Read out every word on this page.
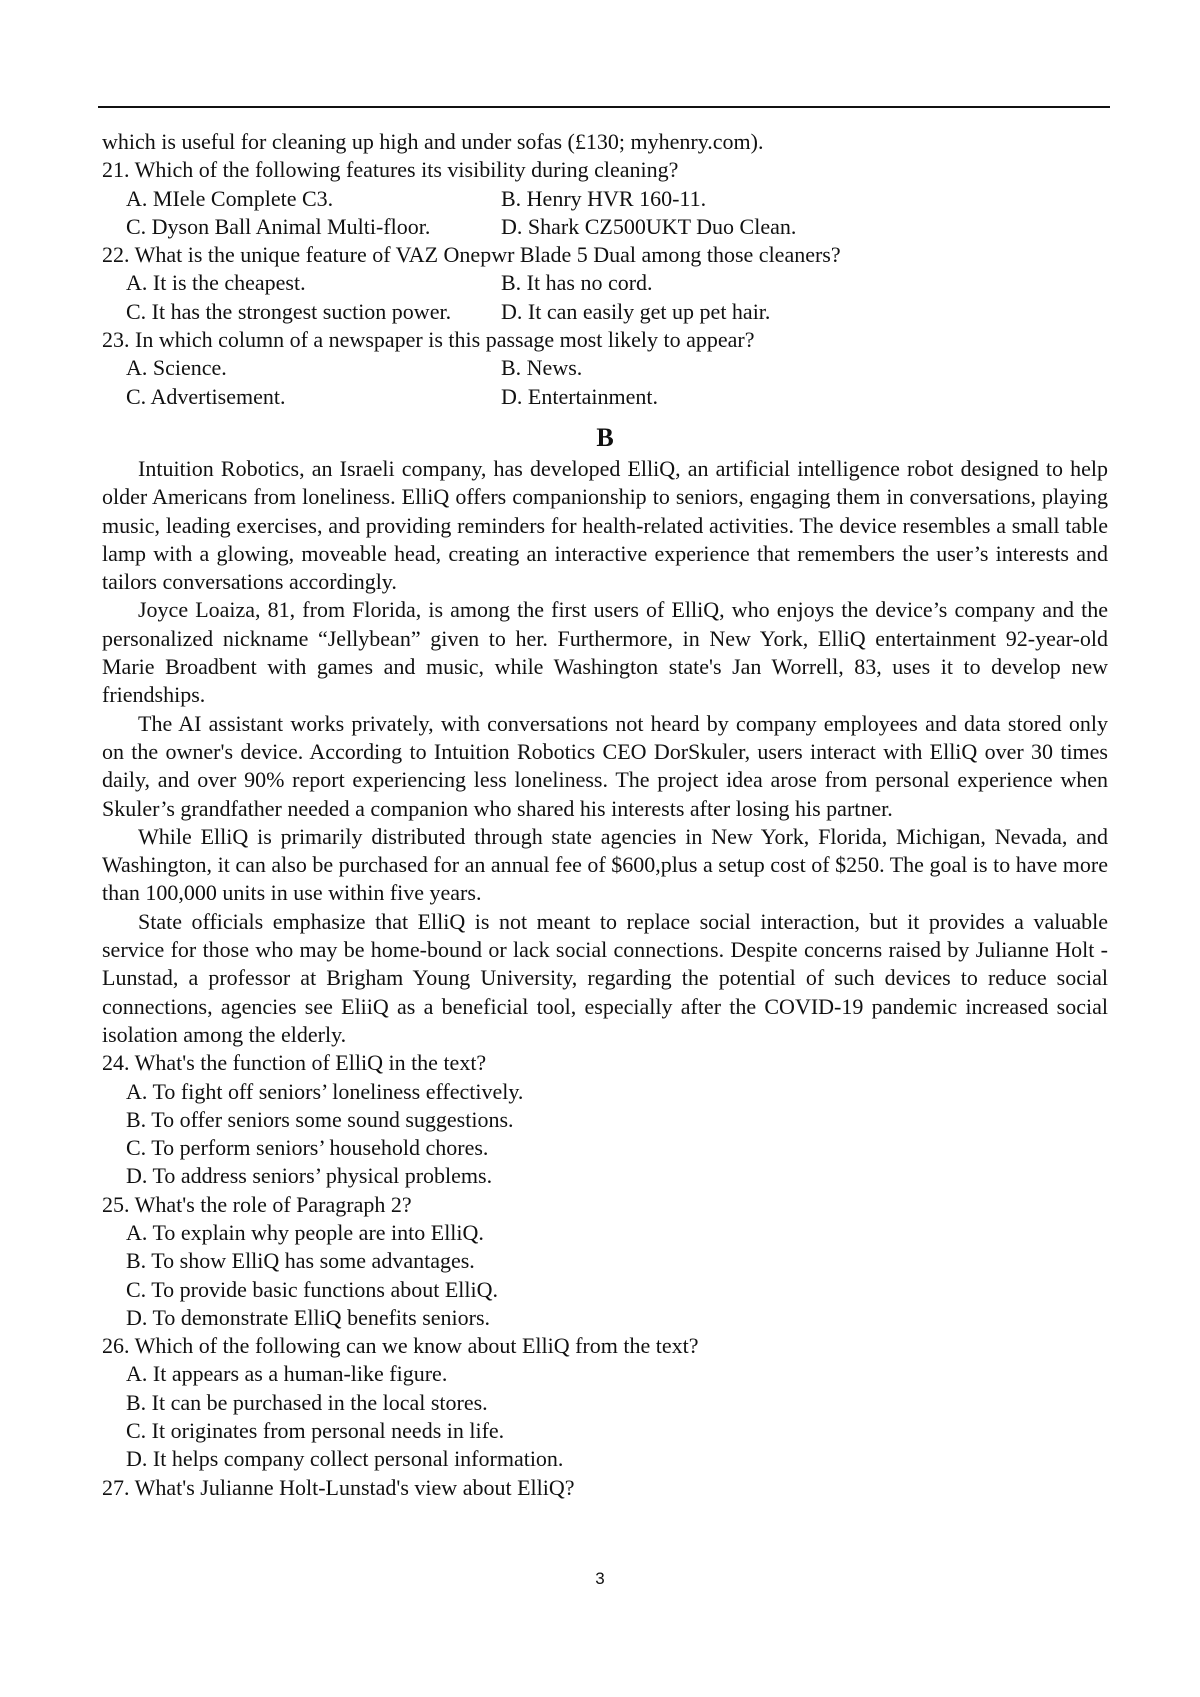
which is useful for cleaning up high and under sofas (£130; myhenry.com).
21. Which of the following features its visibility during cleaning?
A. MIele Complete C3.	B. Henry HVR 160-11.
C. Dyson Ball Animal Multi-floor.	D. Shark CZ500UKT Duo Clean.
22. What is the unique feature of VAZ Onepwr Blade 5 Dual among those cleaners?
A. It is the cheapest.	B. It has no cord.
C. It has the strongest suction power.	D. It can easily get up pet hair.
23. In which column of a newspaper is this passage most likely to appear?
A. Science.	B. News.
C. Advertisement.	D. Entertainment.
B

Intuition Robotics, an Israeli company, has developed ElliQ, an artificial intelligence robot designed to help older Americans from loneliness. ElliQ offers companionship to seniors, engaging them in conversations, playing music, leading exercises, and providing reminders for health-related activities. The device resembles a small table lamp with a glowing, moveable head, creating an interactive experience that remembers the user’s interests and tailors conversations accordingly.

Joyce Loaiza, 81, from Florida, is among the first users of ElliQ, who enjoys the device’s company and the personalized nickname “Jellybean” given to her. Furthermore, in New York, ElliQ entertainment 92-year-old Marie Broadbent with games and music, while Washington state's Jan Worrell, 83, uses it to develop new friendships.

The AI assistant works privately, with conversations not heard by company employees and data stored only on the owner's device. According to Intuition Robotics CEO DorSkuler, users interact with ElliQ over 30 times daily, and over 90% report experiencing less loneliness. The project idea arose from personal experience when Skuler’s grandfather needed a companion who shared his interests after losing his partner.

While ElliQ is primarily distributed through state agencies in New York, Florida, Michigan, Nevada, and Washington, it can also be purchased for an annual fee of $600,plus a setup cost of $250. The goal is to have more than 100,000 units in use within five years.

State officials emphasize that ElliQ is not meant to replace social interaction, but it provides a valuable service for those who may be home-bound or lack social connections. Despite concerns raised by Julianne Holt - Lunstad, a professor at Brigham Young University, regarding the potential of such devices to reduce social connections, agencies see EliiQ as a beneficial tool, especially after the COVID-19 pandemic increased social isolation among the elderly.

24. What's the function of ElliQ in the text?
A. To fight off seniors’ loneliness effectively.
B. To offer seniors some sound suggestions.
C. To perform seniors’ household chores.
D. To address seniors’ physical problems.
25. What's the role of Paragraph 2?
A. To explain why people are into ElliQ.
B. To show ElliQ has some advantages.
C. To provide basic functions about ElliQ.
D. To demonstrate ElliQ benefits seniors.
26. Which of the following can we know about ElliQ from the text?
A. It appears as a human-like figure.
B. It can be purchased in the local stores.
C. It originates from personal needs in life.
D. It helps company collect personal information.
27. What's Julianne Holt-Lunstad's view about ElliQ?
3
